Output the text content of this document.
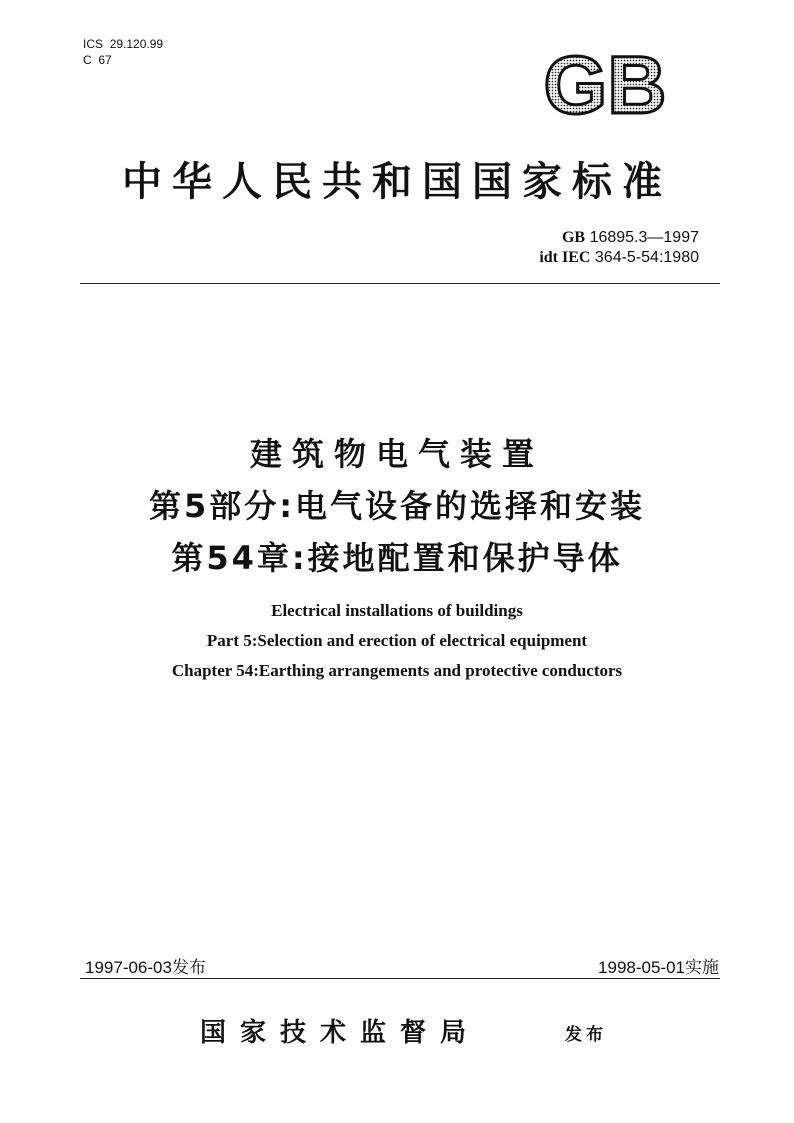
ICS 29.120.99
C 67	GB
中华人民共和国国家标准
GB 16895.3—1997
idt IEC 364-5-54:1980
建筑物电气装置
第5部分:电气设备的选择和安装
第54章:接地配置和保护导体
Electrical installations of buildings
Part 5:Selection and erection of electrical equipment
Chapter 54:Earthing arrangements and protective conductors
1997-06-03发布	1998-05-01实施
国家技术监督局	发布
